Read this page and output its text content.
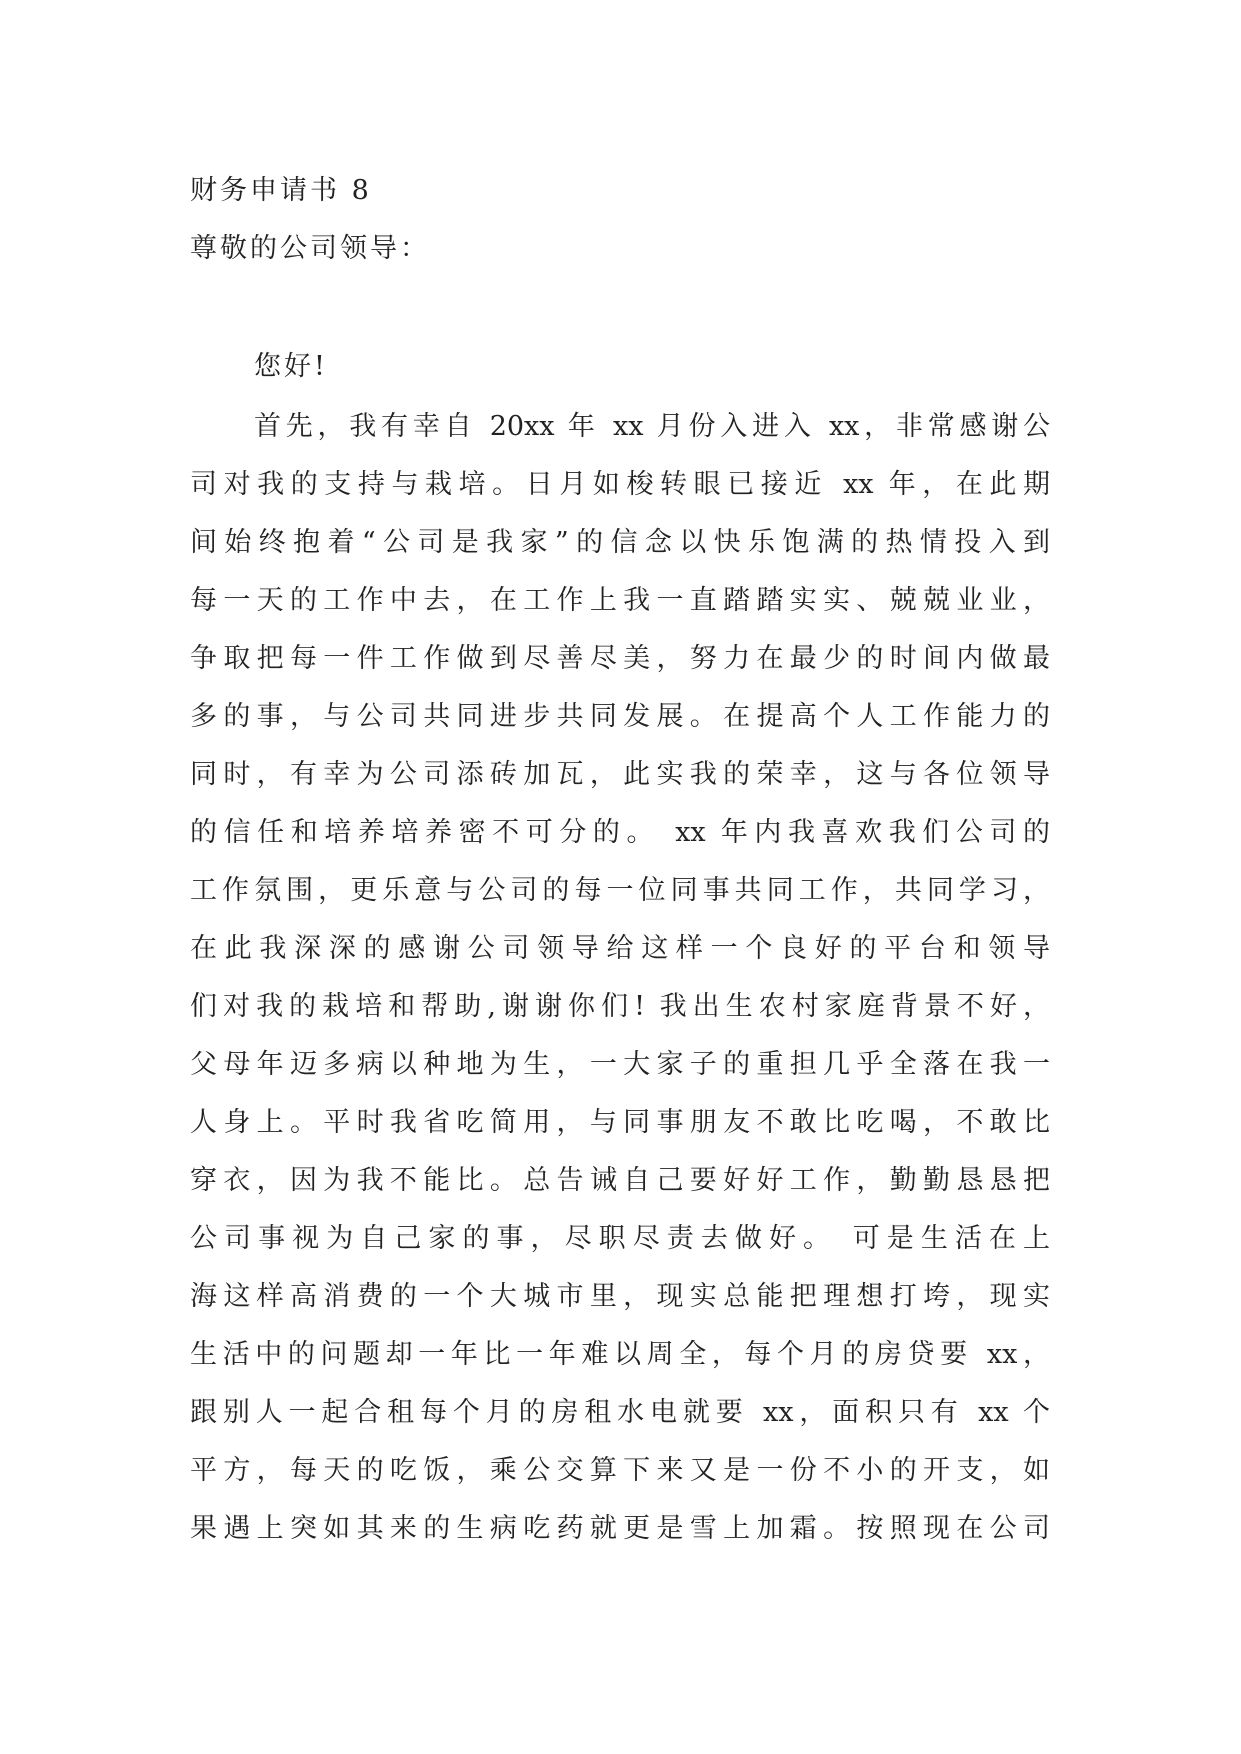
财务申请书 8
尊敬的公司领导：
您好!
首先，我有幸自 20xx 年 xx 月份入进入 xx，非常感谢公
司对我的支持与栽培。日月如梭转眼已接近 xx 年，在此期
间始终抱着“公司是我家”的信念以快乐饱满的热情投入到
每一天的工作中去，在工作上我一直踏踏实实、兢兢业业，
争取把每一件工作做到尽善尽美，努力在最少的时间内做最
多的事，与公司共同进步共同发展。在提高个人工作能力的
同时，有幸为公司添砖加瓦，此实我的荣幸，这与各位领导
的信任和培养培养密不可分的。 xx 年内我喜欢我们公司的
工作氛围，更乐意与公司的每一位同事共同工作，共同学习，
在此我深深的感谢公司领导给这样一个良好的平台和领导
们对我的栽培和帮助,谢谢你们! 我出生农村家庭背景不好，
父母年迈多病以种地为生，一大家子的重担几乎全落在我一
人身上。平时我省吃简用，与同事朋友不敢比吃喝，不敢比
穿衣，因为我不能比。总告诫自己要好好工作，勤勤恳恳把
公司事视为自己家的事，尽职尽责去做好。 可是生活在上
海这样高消费的一个大城市里，现实总能把理想打垮，现实
生活中的问题却一年比一年难以周全，每个月的房贷要 xx，
跟别人一起合租每个月的房租水电就要 xx，面积只有 xx 个
平方，每天的吃饭，乘公交算下来又是一份不小的开支，如
果遇上突如其来的生病吃药就更是雪上加霜。按照现在公司
